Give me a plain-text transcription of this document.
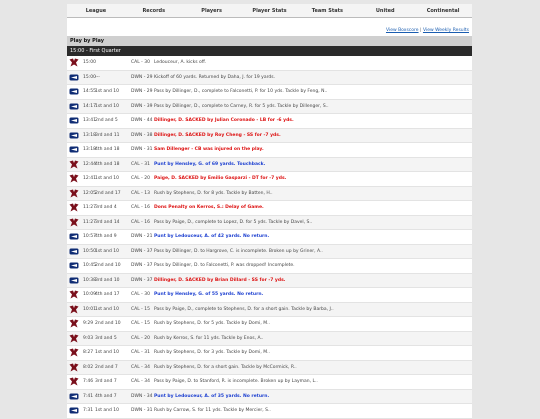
League	Records	Players	Player Stats	Team Stats	United	Continental
View Boxscore | View Weekly Results
Play by Play
15:00 - First Quarter
15:00	CAL - 30 Ledouceur, A. kicks off.
15:00 ---	DWN - 29 Kickoff of 60 yards. Returned by Daha, J. for 19 yards.
14:55 1st and 10	DWN - 29 Pass by Dillinger, D., complete to Falconetti, P. for 10 yds. Tackle by Feng, N..
14:17 1st and 10	DWN - 39 Pass by Dillinger, D., complete to Carney, R. for 5 yds. Tackle by Dillenger, S..
13:41 2nd and 5	DWN - 44 Dillinger, D. SACKED by Julian Coronado - LB for -6 yds.
13:18 3rd and 11	DWN - 38 Dillinger, D. SACKED by Roy Cheng - SS for -7 yds.
13:18 4th and 18	DWN - 31 Sam Dillenger - CB was injured on the play.
12:44 4th and 18	CAL - 31 Punt by Hensley, G. of 69 yards. Touchback.
12:41 1st and 10	CAL - 20 Paige, D. SACKED by Emilio Gasparzi - DT for -7 yds.
12:05 2nd and 17 CAL - 13 Rush by Stephens, D. for 8 yds. Tackle by Batten, H..
11:27 3rd and 4	CAL - 16 Dons Penalty on Kerros, S.: Delay of Game.
11:27 3rd and 14	CAL - 16 Pass by Paige, D., complete to Lopez, D. for 5 yds. Tackle by Davel, S..
10:57 4th and 9	DWN - 21 Punt by Ledouceur, A. of 42 yards. No return.
10:50 1st and 10	DWN - 37 Pass by Dillinger, D. to Hargrove, C. is incomplete. Broken up by Griner, A..
10:45 2nd and 10 DWN - 37 Pass by Dillinger, D. to Falconetti, P. was dropped! Incomplete.
10:38 3rd and 10	DWN - 37 Dillinger, D. SACKED by Brian Dillard - SS for -7 yds.
10:09 4th and 17	CAL - 30 Punt by Hensley, G. of 55 yards. No return.
10:01 1st and 10	CAL - 15 Pass by Paige, D., complete to Stephens, D. for a short gain. Tackle by Barba, J..
9:29 2nd and 10 CAL - 15 Rush by Stephens, D. for 5 yds. Tackle by Domi, M..
9:03 3rd and 5	CAL - 20 Rush by Kerros, S. for 11 yds. Tackle by Enos, A..
8:27 1st and 10	CAL - 31 Rush by Stephens, D. for 3 yds. Tackle by Domi, M..
8:02 2nd and 7	CAL - 34 Rush by Stephens, D. for a short gain. Tackle by McCormick, R..
7:46 3rd and 7	CAL - 34 Pass by Paige, D. to Stanford, R. is incomplete. Broken up by Layman, L..
7:41 4th and 7	DWN - 34 Punt by Ledouceur, A. of 35 yards. No return.
7:31 1st and 10	DWN - 31 Rush by Carrow, S. for 11 yds. Tackle by Mercier, S..
